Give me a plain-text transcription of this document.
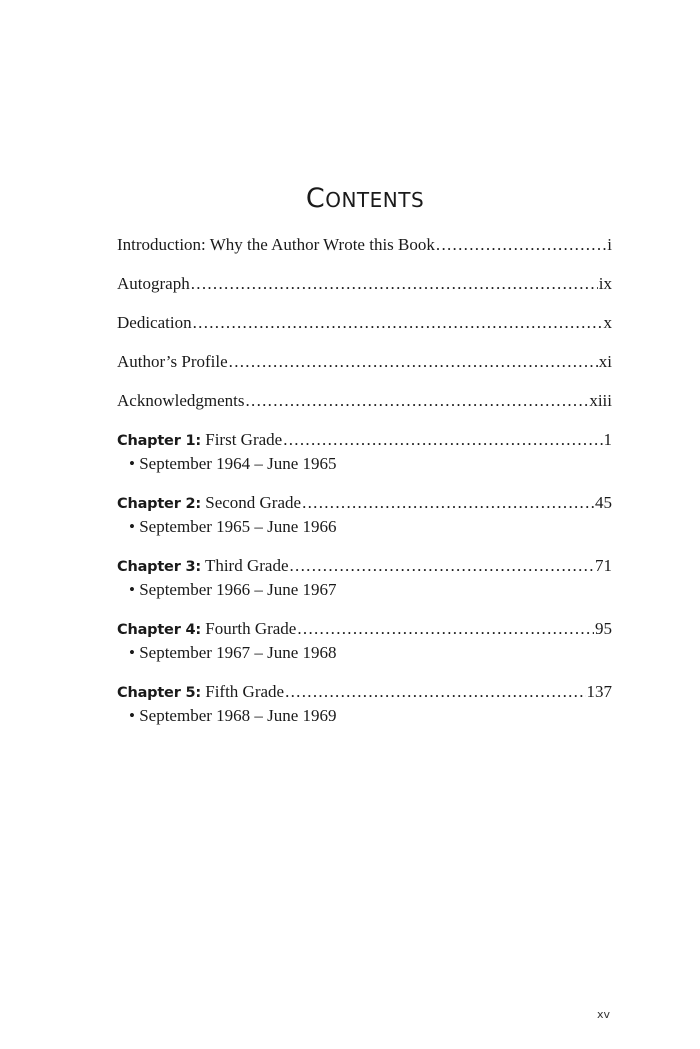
CONTENTS
Introduction: Why the Author Wrote this Book .....	i
Autograph .....	ix
Dedication .....	x
Author’s Profile .....	xi
Acknowledgments .....	xiii
Chapter 1: First Grade .....	1
• September 1964 – June 1965
Chapter 2: Second Grade .....	45
• September 1965 – June 1966
Chapter 3: Third Grade .....	71
• September 1966 – June 1967
Chapter 4: Fourth Grade .....	95
• September 1967 – June 1968
Chapter 5: Fifth Grade .....	137
• September 1968 – June 1969
xv
